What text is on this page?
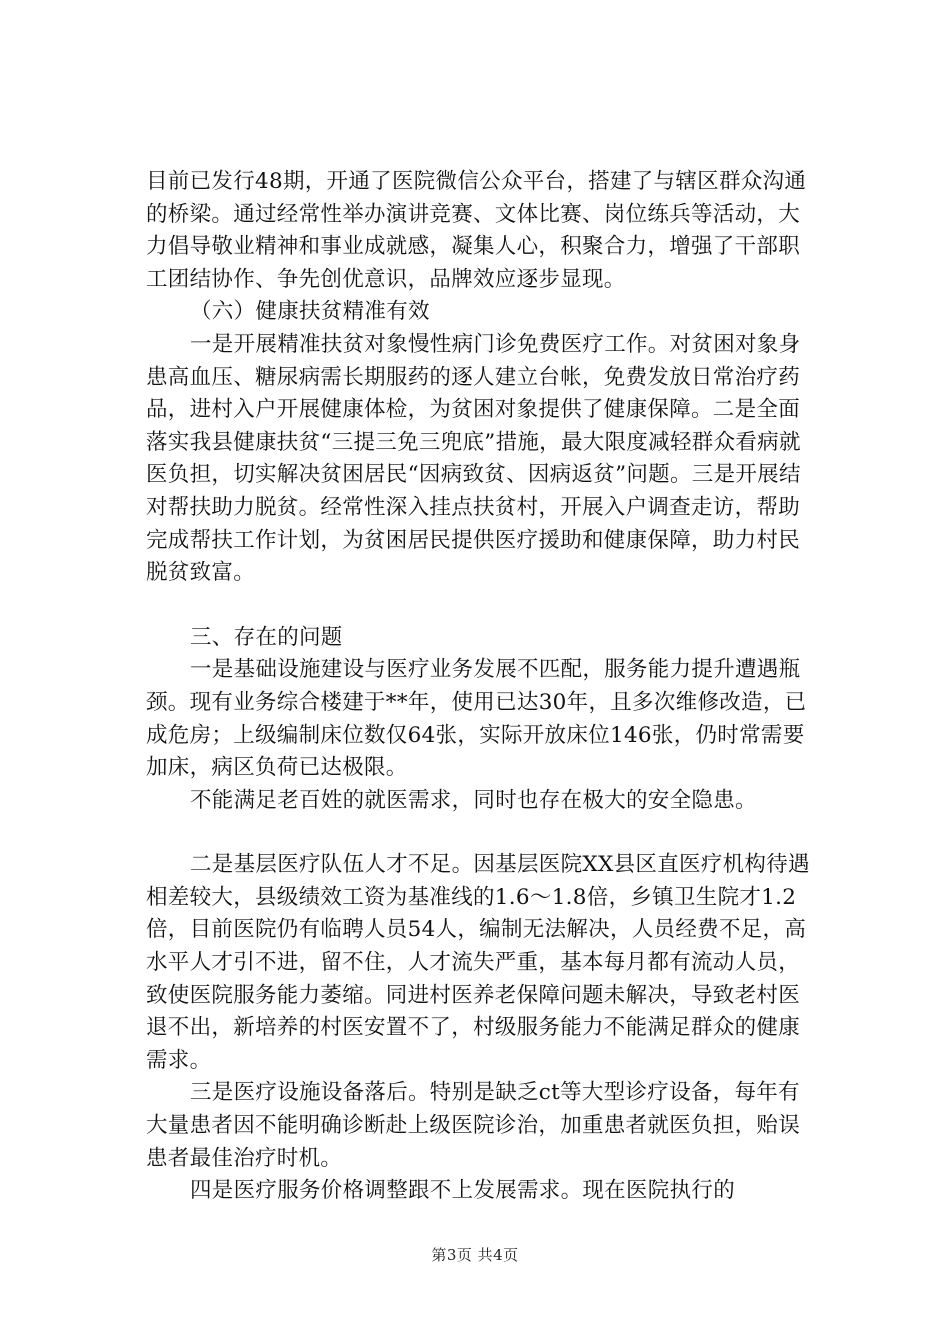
目前已发行48期，开通了医院微信公众平台，搭建了与辖区群众沟通的桥梁。通过经常性举办演讲竞赛、文体比赛、岗位练兵等活动，大力倡导敬业精神和事业成就感，凝集人心，积聚合力，增强了干部职工团结协作、争先创优意识，品牌效应逐步显现。

（六）健康扶贫精准有效

一是开展精准扶贫对象慢性病门诊免费医疗工作。对贫困对象身患高血压、糖尿病需长期服药的逐人建立台帐，免费发放日常治疗药品，进村入户开展健康体检，为贫困对象提供了健康保障。二是全面落实我县健康扶贫“三提三免三兜底”措施，最大限度减轻群众看病就医负担，切实解决贫困居民“因病致贫、因病返贫”问题。三是开展结对帮扶助力脱贫。经常性深入挂点扶贫村，开展入户调查走访，帮助完成帮扶工作计划，为贫困居民提供医疗援助和健康保障，助力村民脱贫致富。

三、存在的问题

一是基础设施建设与医疗业务发展不匹配，服务能力提升遭遇瓶颈。现有业务综合楼建于**年，使用已达30年，且多次维修改造，已成危房；上级编制床位数仅64张，实际开放床位146张，仍时常需要加床，病区负荷已达极限。

不能满足老百姓的就医需求，同时也存在极大的安全隐患。

二是基层医疗队伍人才不足。因基层医院XX县区直医疗机构待遇相差较大，县级绩效工资为基准线的1.6～1.8倍，乡镇卫生院才1.2倍，目前医院仍有临聘人员54人，编制无法解决，人员经费不足，高水平人才引不进，留不住，人才流失严重，基本每月都有流动人员，致使医院服务能力萎缩。同进村医养老保障问题未解决，导致老村医退不出，新培养的村医安置不了，村级服务能力不能满足群众的健康需求。

三是医疗设施设备落后。特别是缺乏ct等大型诊疗设备，每年有大量患者因不能明确诊断赴上级医院诊治，加重患者就医负担，贻误患者最佳治疗时机。

四是医疗服务价格调整跟不上发展需求。现在医院执行的

第3页 共4页
